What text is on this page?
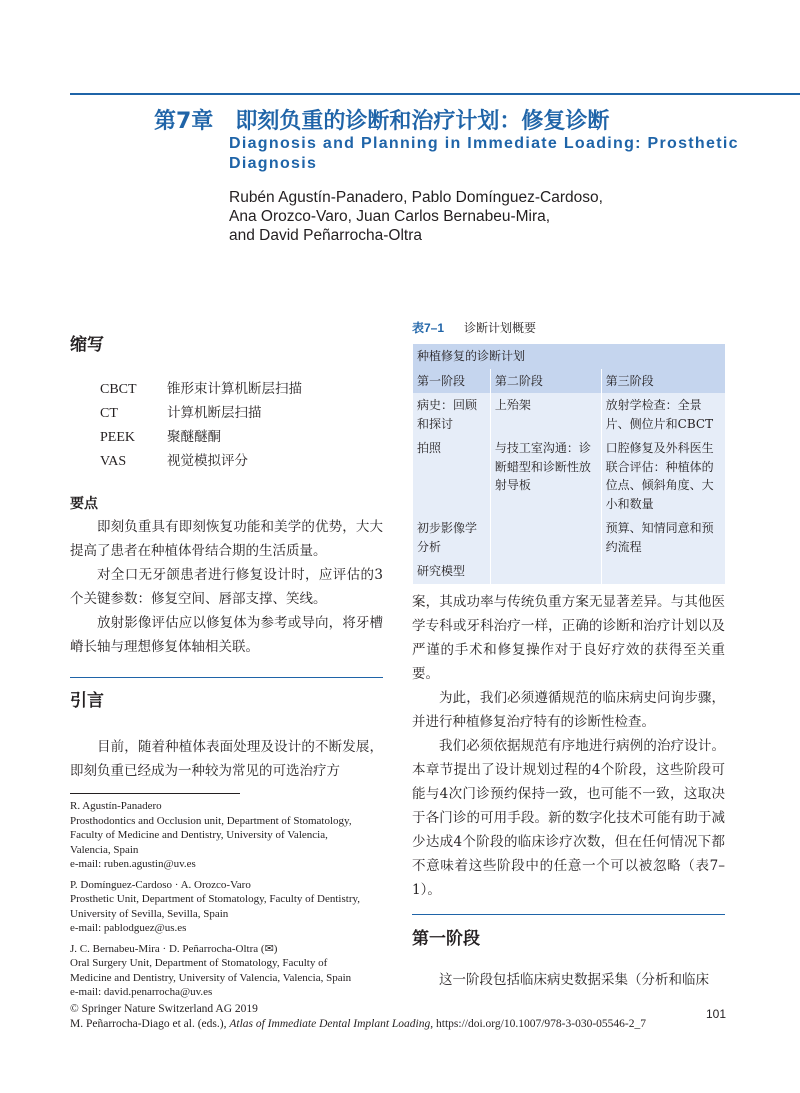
第7章 即刻负重的诊断和治疗计划：修复诊断
Diagnosis and Planning in Immediate Loading: Prosthetic
Diagnosis
Rubén Agustín-Panadero, Pablo Domínguez-Cardoso,
Ana Orozco-Varo, Juan Carlos Bernabeu-Mira,
and David Peñarrocha-Oltra
缩写
CBCT 锥形束计算机断层扫描
CT	计算机断层扫描
PEEK 聚醚醚酮
VAS	视觉模拟评分
要点

即刻负重具有即刻恢复功能和美学的优势，大大提高了患者在种植体骨结合期的生活质量。

对全口无牙颌患者进行修复设计时，应评估的3个关键参数：修复空间、唇部支撑、笑线。

放射影像评估应以修复体为参考或导向，将牙槽嵴长轴与理想修复体轴相关联。

引言

目前，随着种植体表面处理及设计的不断发展，即刻负重已经成为一种较为常见的可选治疗方

R. Agustín-Panadero
Prosthodontics and Occlusion unit, Department of Stomatology,
Faculty of Medicine and Dentistry, University of Valencia,
Valencia, Spain
e-mail: ruben.agustin@uv.es
P. Domínguez-Cardoso · A. Orozco-Varo
Prosthetic Unit, Department of Stomatology, Faculty of Dentistry,
University of Sevilla, Sevilla, Spain
e-mail: pablodguez@us.es
J. C. Bernabeu-Mira · D. Peñarrocha-Oltra (✉)
Oral Surgery Unit, Department of Stomatology, Faculty of
Medicine and Dentistry, University of Valencia, Valencia, Spain
e-mail: david.penarrocha@uv.es
表7–1 诊断计划概要
种植修复的诊断计划		
第一阶段	第二阶段	第三阶段
病史：回顾和探讨	上殆架	放射学检查：全景片、侧位片和CBCT
拍照	与技工室沟通：诊断蜡型和诊断性放射导板	口腔修复及外科医生联合评估：种植体的位点、倾斜角度、大小和数量
初步影像学分析		预算、知情同意和预约流程
研究模型		

案，其成功率与传统负重方案无显著差异。与其他医学专科或牙科治疗一样，正确的诊断和治疗计划以及严谨的手术和修复操作对于良好疗效的获得至关重要。

为此，我们必须遵循规范的临床病史问询步骤，并进行种植修复治疗特有的诊断性检查。

我们必须依据规范有序地进行病例的治疗设计。本章节提出了设计规划过程的4个阶段，这些阶段可能与4次门诊预约保持一致，也可能不一致，这取决于各门诊的可用手段。新的数字化技术可能有助于减少达成4个阶段的临床诊疗次数，但在任何情况下都不意味着这些阶段中的任意一个可以被忽略（表7–1）。

第一阶段

这一阶段包括临床病史数据采集（分析和临床

© Springer Nature Switzerland AG 2019
M. Peñarrocha-Diago et al. (eds.), Atlas of Immediate Dental Implant Loading, https://doi.org/10.1007/978-3-030-05546-2_7
101
